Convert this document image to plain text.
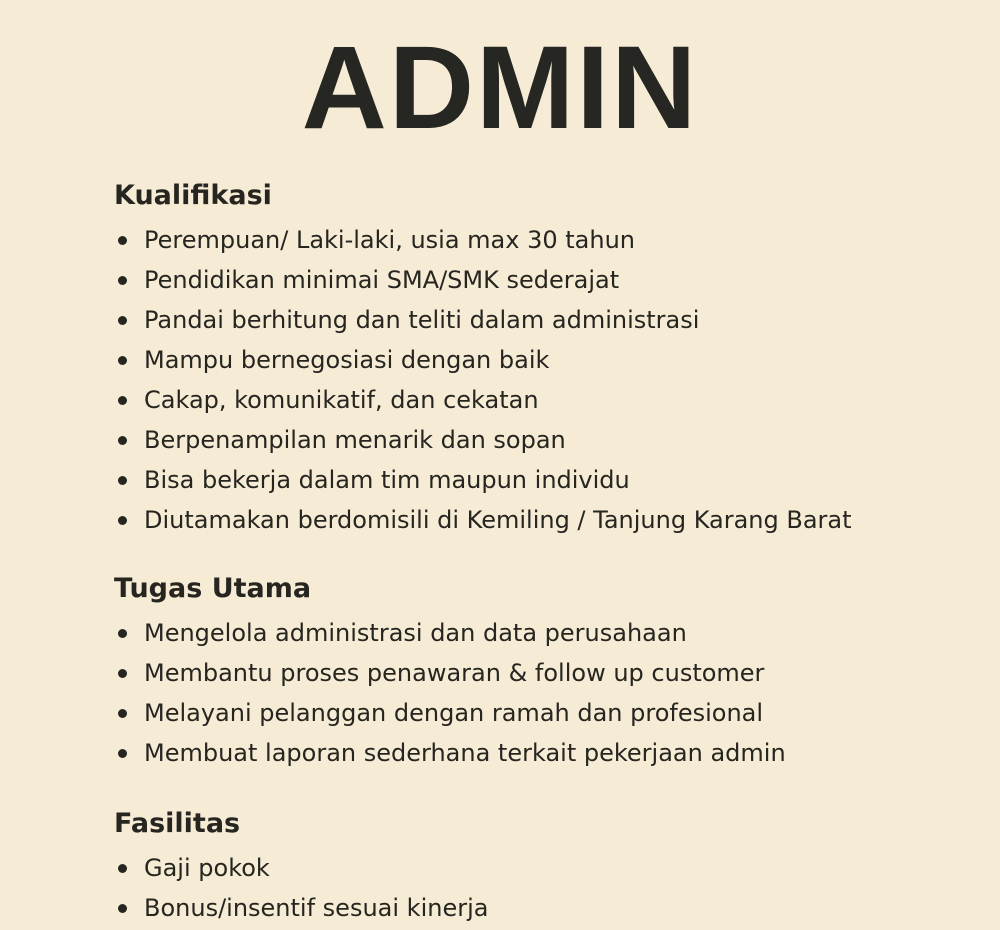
ADMIN
Kualifikasi
Perempuan/ Laki-laki, usia max 30 tahun
Pendidikan minimai SMA/SMK sederajat
Pandai berhitung dan teliti dalam administrasi
Mampu bernegosiasi dengan baik
Cakap, komunikatif, dan cekatan
Berpenampilan menarik dan sopan
Bisa bekerja dalam tim maupun individu
Diutamakan berdomisili di Kemiling / Tanjung Karang Barat
Tugas Utama
Mengelola administrasi dan data perusahaan
Membantu proses penawaran & follow up customer
Melayani pelanggan dengan ramah dan profesional
Membuat laporan sederhana terkait pekerjaan admin
Fasilitas
Gaji pokok
Bonus/insentif sesuai kinerja
